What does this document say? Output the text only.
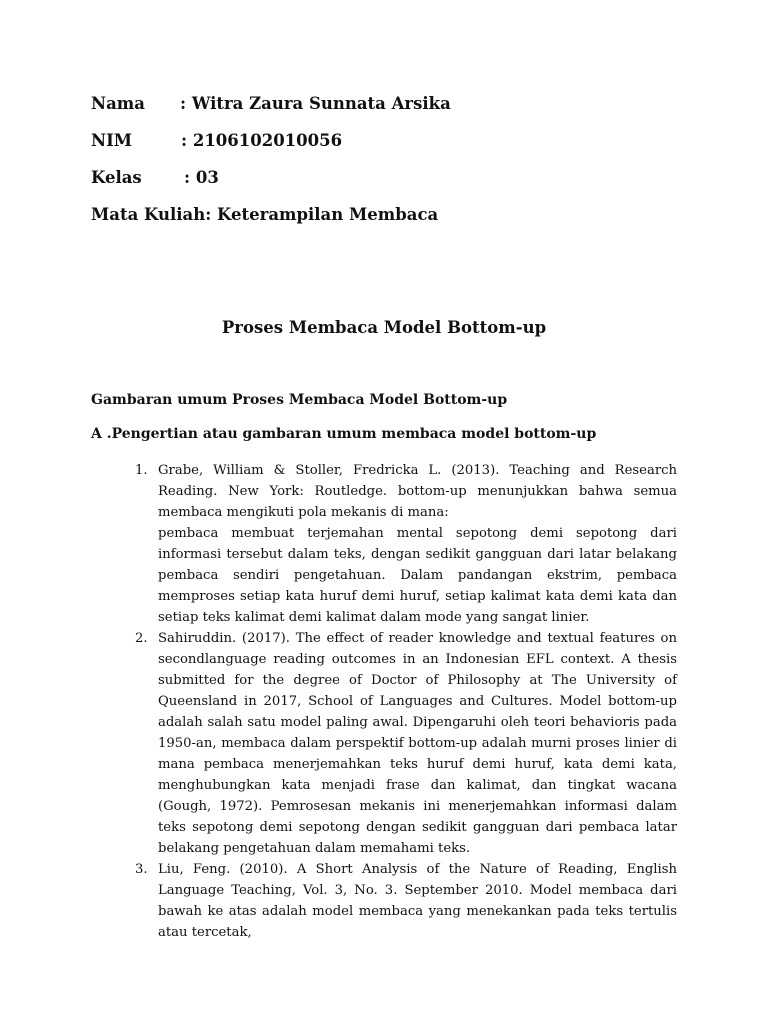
Nama : Witra Zaura Sunnata Arsika
NIM	: 2106102010056
Kelas	: 03
Mata Kuliah: Keterampilan Membaca
Proses Membaca Model Bottom-up
Gambaran umum Proses Membaca Model Bottom-up
A .Pengertian atau gambaran umum membaca model bottom-up
1. Grabe, William & Stoller, Fredricka L. (2013). Teaching and Research Reading. New York: Routledge. bottom-up menunjukkan bahwa semua membaca mengikuti pola mekanis di mana:

pembaca membuat terjemahan mental sepotong demi sepotong dari informasi tersebut dalam teks, dengan sedikit gangguan dari latar belakang pembaca sendiri pengetahuan. Dalam pandangan ekstrim, pembaca memproses setiap kata huruf demi huruf, setiap kalimat kata demi kata dan setiap teks kalimat demi kalimat dalam mode yang sangat linier.

2. Sahiruddin. (2017). The effect of reader knowledge and textual features on secondlanguage reading outcomes in an Indonesian EFL context. A thesis submitted for the degree of Doctor of Philosophy at The University of Queensland in 2017, School of Languages and Cultures. Model bottom-up adalah salah satu model paling awal. Dipengaruhi oleh teori behavioris pada 1950-an, membaca dalam perspektif bottom-up adalah murni proses linier di mana pembaca menerjemahkan teks huruf demi huruf, kata demi kata, menghubungkan kata menjadi frase dan kalimat, dan tingkat wacana (Gough, 1972). Pemrosesan mekanis ini menerjemahkan informasi dalam teks sepotong demi sepotong dengan sedikit gangguan dari pembaca latar belakang pengetahuan dalam memahami teks.

3. Liu, Feng. (2010). A Short Analysis of the Nature of Reading, English Language Teaching, Vol. 3, No. 3. September 2010. Model membaca dari bawah ke atas adalah model membaca yang menekankan pada teks tertulis atau tercetak,
